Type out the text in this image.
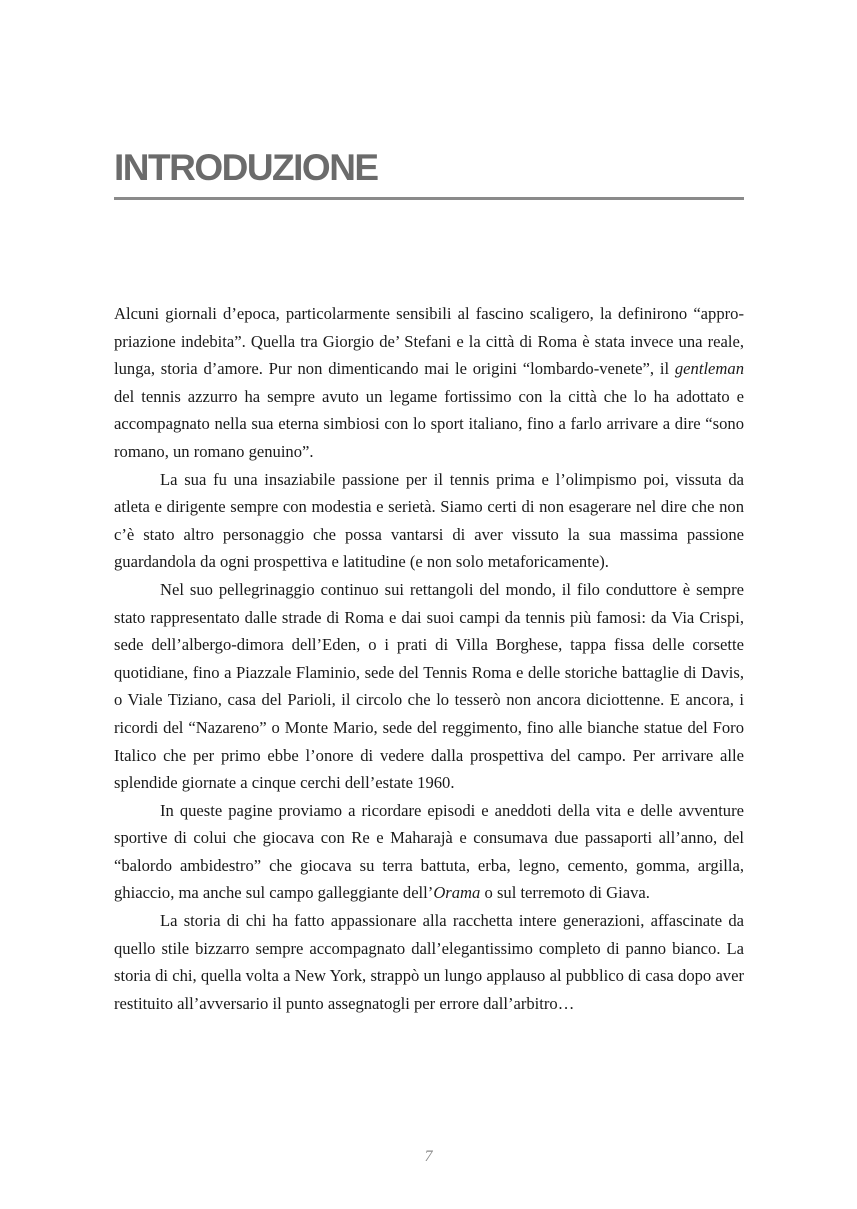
INTRODUZIONE

Alcuni giornali d’epoca, particolarmente sensibili al fascino scaligero, la definirono “appropriazione indebita”. Quella tra Giorgio de’ Stefani e la città di Roma è stata invece una reale, lunga, storia d’amore. Pur non dimenticando mai le origini “lombardo-venete”, il gentleman del tennis azzurro ha sempre avuto un legame fortissimo con la città che lo ha adottato e accompagnato nella sua eterna simbiosi con lo sport italiano, fino a farlo arrivare a dire “sono romano, un romano genuino”.

La sua fu una insaziabile passione per il tennis prima e l’olimpismo poi, vissuta da atleta e dirigente sempre con modestia e serietà. Siamo certi di non esagerare nel dire che non c’è stato altro personaggio che possa vantarsi di aver vissuto la sua massima passione guardandola da ogni prospettiva e latitudine (e non solo metaforicamente).

Nel suo pellegrinaggio continuo sui rettangoli del mondo, il filo conduttore è sempre stato rappresentato dalle strade di Roma e dai suoi campi da tennis più famosi: da Via Crispi, sede dell’albergo-dimora dell’Eden, o i prati di Villa Borghese, tappa fissa delle corsette quotidiane, fino a Piazzale Flaminio, sede del Tennis Roma e delle storiche battaglie di Davis, o Viale Tiziano, casa del Parioli, il circolo che lo tesserò non ancora diciottenne. E ancora, i ricordi del “Nazareno” o Monte Mario, sede del reggimento, fino alle bianche statue del Foro Italico che per primo ebbe l’onore di vedere dalla prospettiva del campo. Per arrivare alle splendide giornate a cinque cerchi dell’estate 1960.

In queste pagine proviamo a ricordare episodi e aneddoti della vita e delle avventure sportive di colui che giocava con Re e Maharajà e consumava due passaporti all’anno, del “balordo ambidestro” che giocava su terra battuta, erba, legno, cemento, gomma, argilla, ghiaccio, ma anche sul campo galleggiante dell’Orama o sul terremoto di Giava.

La storia di chi ha fatto appassionare alla racchetta intere generazioni, affascinate da quello stile bizzarro sempre accompagnato dall’elegantissimo completo di panno bianco. La storia di chi, quella volta a New York, strappò un lungo applauso al pubblico di casa dopo aver restituito all’avversario il punto assegnatogli per errore dall’arbitro…

7
